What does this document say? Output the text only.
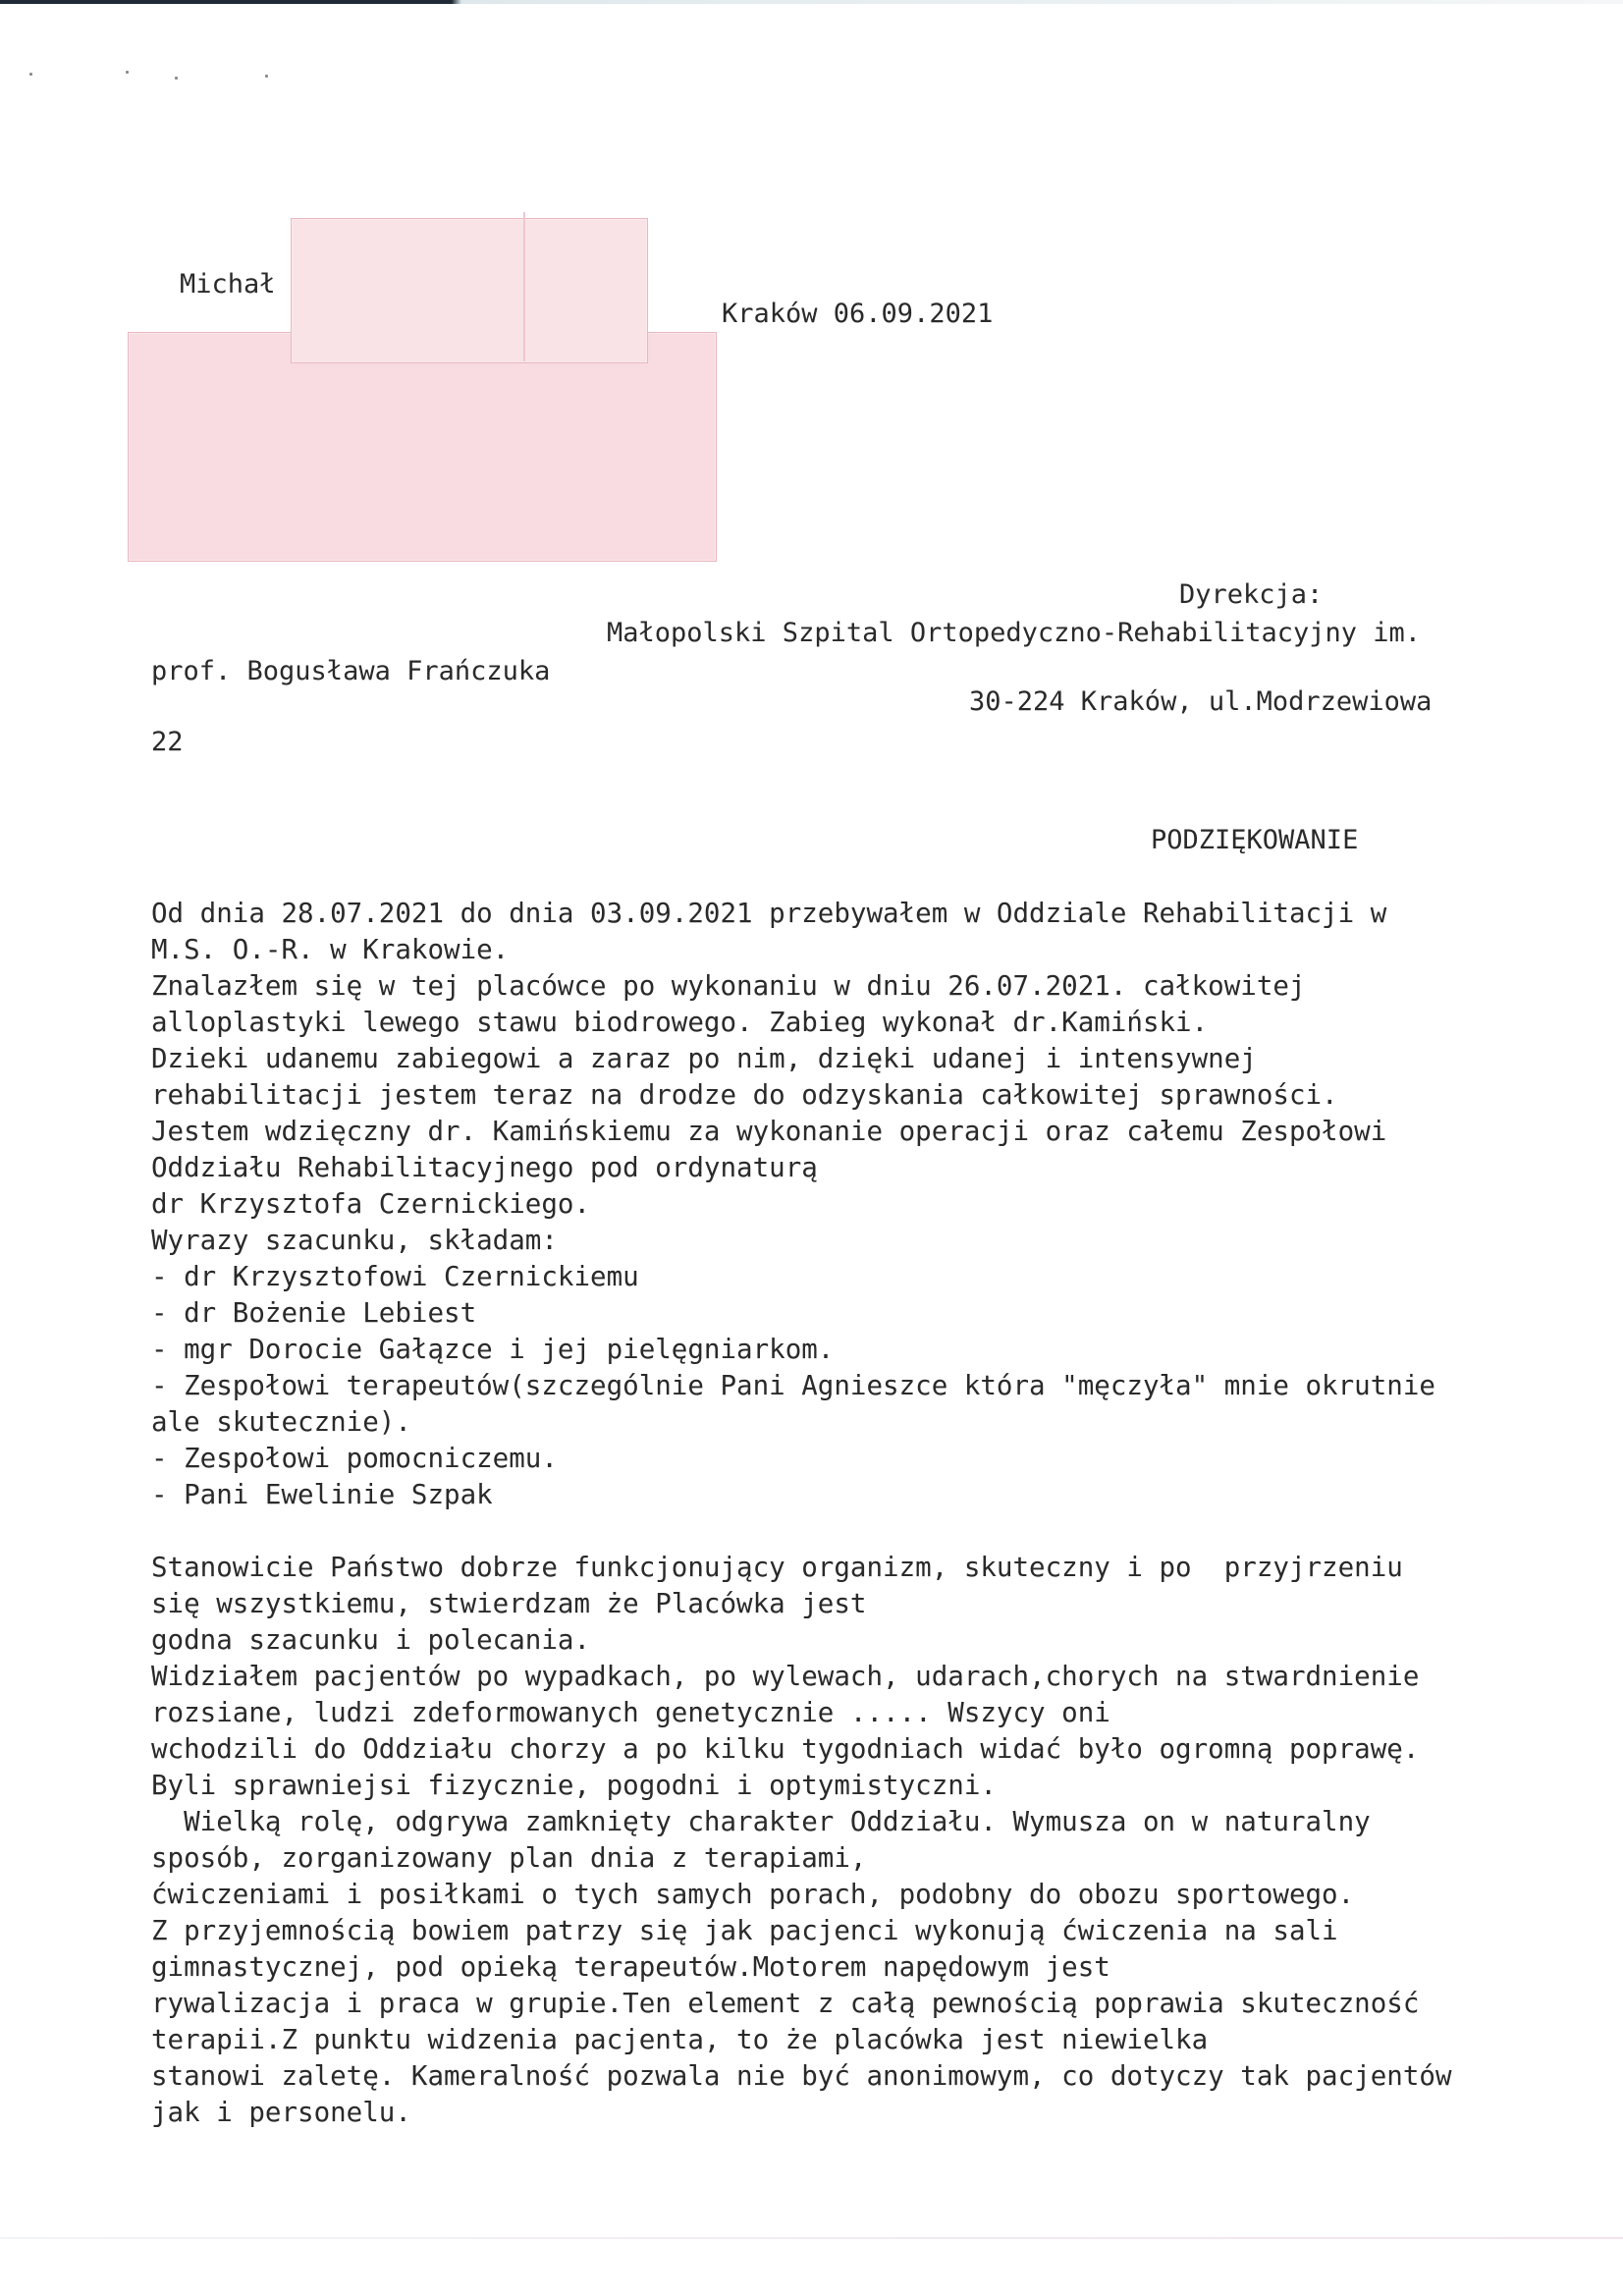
Michał
Kraków 06.09.2021
Dyrekcja:
Małopolski Szpital Ortopedyczno-Rehabilitacyjny im.
prof. Bogusława Frańczuka
30-224 Kraków, ul.Modrzewiowa
22
PODZIĘKOWANIE
Od dnia 28.07.2021 do dnia 03.09.2021 przebywałem w Oddziale Rehabilitacji w
M.S. O.-R. w Krakowie.
Znalazłem się w tej placówce po wykonaniu w dniu 26.07.2021. całkowitej
alloplastyki lewego stawu biodrowego. Zabieg wykonał dr.Kamiński.
Dzieki udanemu zabiegowi a zaraz po nim, dzięki udanej i intensywnej
rehabilitacji jestem teraz na drodze do odzyskania całkowitej sprawności.
Jestem wdzięczny dr. Kamińskiemu za wykonanie operacji oraz całemu Zespołowi
Oddziału Rehabilitacyjnego pod ordynaturą
dr Krzysztofa Czernickiego.
Wyrazy szacunku, składam:
- dr Krzysztofowi Czernickiemu
- dr Bożenie Lebiest
- mgr Dorocie Gałązce i jej pielęgniarkom.
- Zespołowi terapeutów(szczególnie Pani Agnieszce która "męczyła" mnie okrutnie
ale skutecznie).
- Zespołowi pomocniczemu.
- Pani Ewelinie Szpak
Stanowicie Państwo dobrze funkcjonujący organizm, skuteczny i po  przyjrzeniu
się wszystkiemu, stwierdzam że Placówka jest
godna szacunku i polecania.
Widziałem pacjentów po wypadkach, po wylewach, udarach,chorych na stwardnienie
rozsiane, ludzi zdeformowanych genetycznie ..... Wszycy oni
wchodzili do Oddziału chorzy a po kilku tygodniach widać było ogromną poprawę.
Byli sprawniejsi fizycznie, pogodni i optymistyczni.
Wielką rolę, odgrywa zamknięty charakter Oddziału. Wymusza on w naturalny
sposób, zorganizowany plan dnia z terapiami,
ćwiczeniami i posiłkami o tych samych porach, podobny do obozu sportowego.
Z przyjemnością bowiem patrzy się jak pacjenci wykonują ćwiczenia na sali
gimnastycznej, pod opieką terapeutów.Motorem napędowym jest
rywalizacja i praca w grupie.Ten element z całą pewnością poprawia skuteczność
terapii.Z punktu widzenia pacjenta, to że placówka jest niewielka
stanowi zaletę. Kameralność pozwala nie być anonimowym, co dotyczy tak pacjentów
jak i personelu.
